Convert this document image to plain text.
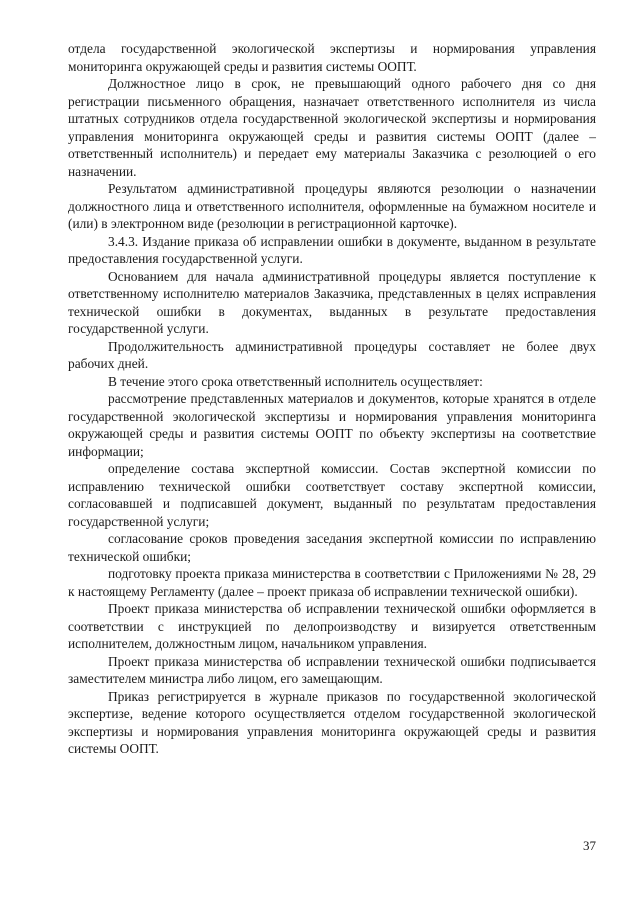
отдела государственной экологической экспертизы и нормирования управления мониторинга окружающей среды и развития системы ООПТ.

Должностное лицо в срок, не превышающий одного рабочего дня со дня регистрации письменного обращения, назначает ответственного исполнителя из числа штатных сотрудников отдела государственной экологической экспертизы и нормирования управления мониторинга окружающей среды и развития системы ООПТ (далее – ответственный исполнитель) и передает ему материалы Заказчика с резолюцией о его назначении.

Результатом административной процедуры являются резолюции о назначении должностного лица и ответственного исполнителя, оформленные на бумажном носителе и (или) в электронном виде (резолюции в регистрационной карточке).

3.4.3. Издание приказа об исправлении ошибки в документе, выданном в результате предоставления государственной услуги.

Основанием для начала административной процедуры является поступление к ответственному исполнителю материалов Заказчика, представленных в целях исправления технической ошибки в документах, выданных в результате предоставления государственной услуги.

Продолжительность административной процедуры составляет не более двух рабочих дней.

В течение этого срока ответственный исполнитель осуществляет:

рассмотрение представленных материалов и документов, которые хранятся в отделе государственной экологической экспертизы и нормирования управления мониторинга окружающей среды и развития системы ООПТ по объекту экспертизы на соответствие информации;

определение состава экспертной комиссии. Состав экспертной комиссии по исправлению технической ошибки соответствует составу экспертной комиссии, согласовавшей и подписавшей документ, выданный по результатам предоставления государственной услуги;

согласование сроков проведения заседания экспертной комиссии по исправлению технической ошибки;

подготовку проекта приказа министерства в соответствии с Приложениями № 28, 29 к настоящему Регламенту (далее – проект приказа об исправлении технической ошибки).

Проект приказа министерства об исправлении технической ошибки оформляется в соответствии с инструкцией по делопроизводству и визируется ответственным исполнителем, должностным лицом, начальником управления.

Проект приказа министерства об исправлении технической ошибки подписывается заместителем министра либо лицом, его замещающим.

Приказ регистрируется в журнале приказов по государственной экологической экспертизе, ведение которого осуществляется отделом государственной экологической экспертизы и нормирования управления мониторинга окружающей среды и развития системы ООПТ.

37
